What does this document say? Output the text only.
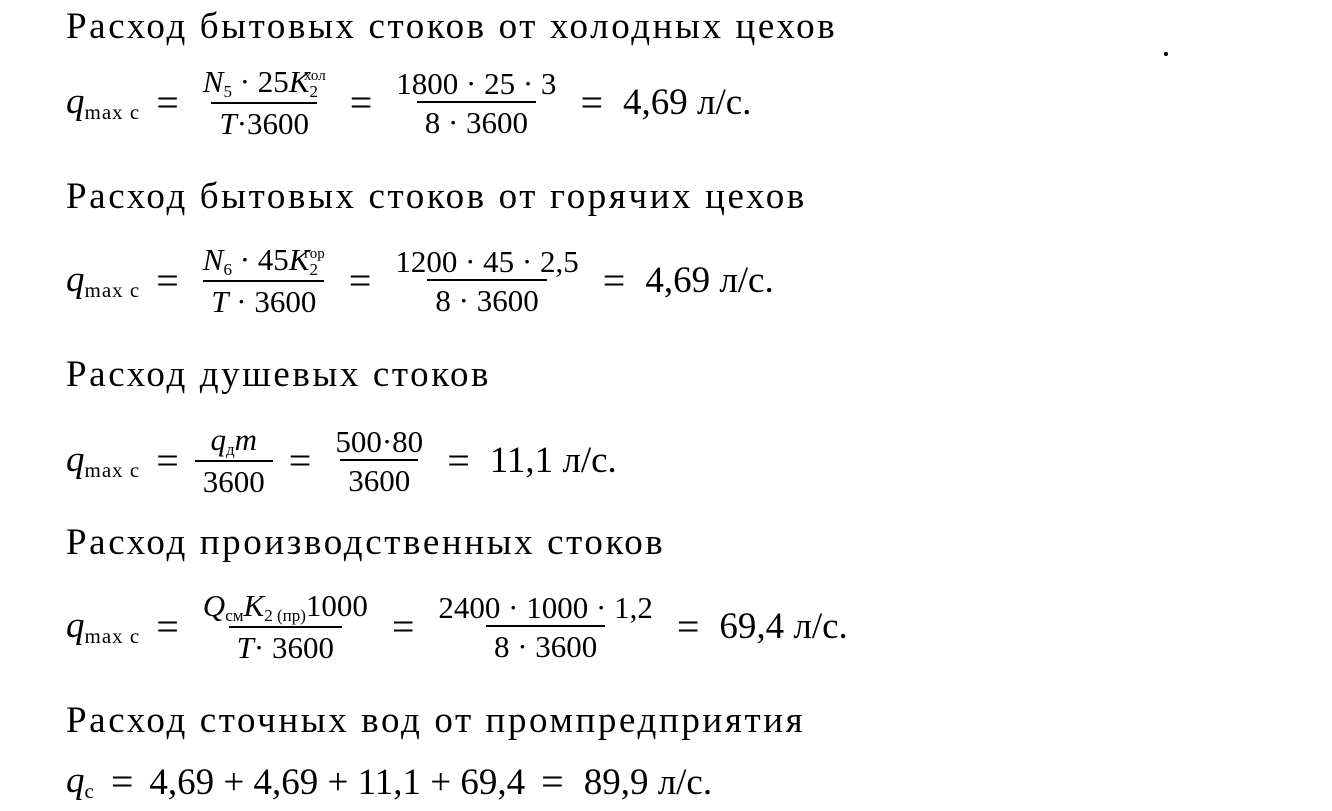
Расход бытовых стоков от холодных цехов
$q_{max c} = \frac{N5 \cdot 25K2^{хол}}{T\cdot 3600} = \frac{1800 \cdot 25 \cdot 3}{8 \cdot 3600} = 4,69$ л/с.
Расход бытовых стоков от горячих цехов
$q_{max c} = \frac{N6 \cdot 45K2^{гор}}{T \cdot 3600} = \frac{1200 \cdot 45 \cdot 2,5}{8 \cdot 3600} = 4,69$ л/с.
Расход душевых стоков
$q_{max c} = \frac{\text{qдm}}{3600} = \frac{500\cdot 80}{3600} = 11,1$ л/с.
Расход производственных стоков
$q_{max c} = \frac{\text{QсмK2 (пр)1000}}{T\cdot 3600} = \frac{2400 \cdot 1000 \cdot 1,2}{8 \cdot 3600} = 69,4$ л/с.
Расход сточных вод от промпредприятия
$q_c = 4,69 + 4,69 + 11,1 + 69,4 = 89,9$ л/с.
